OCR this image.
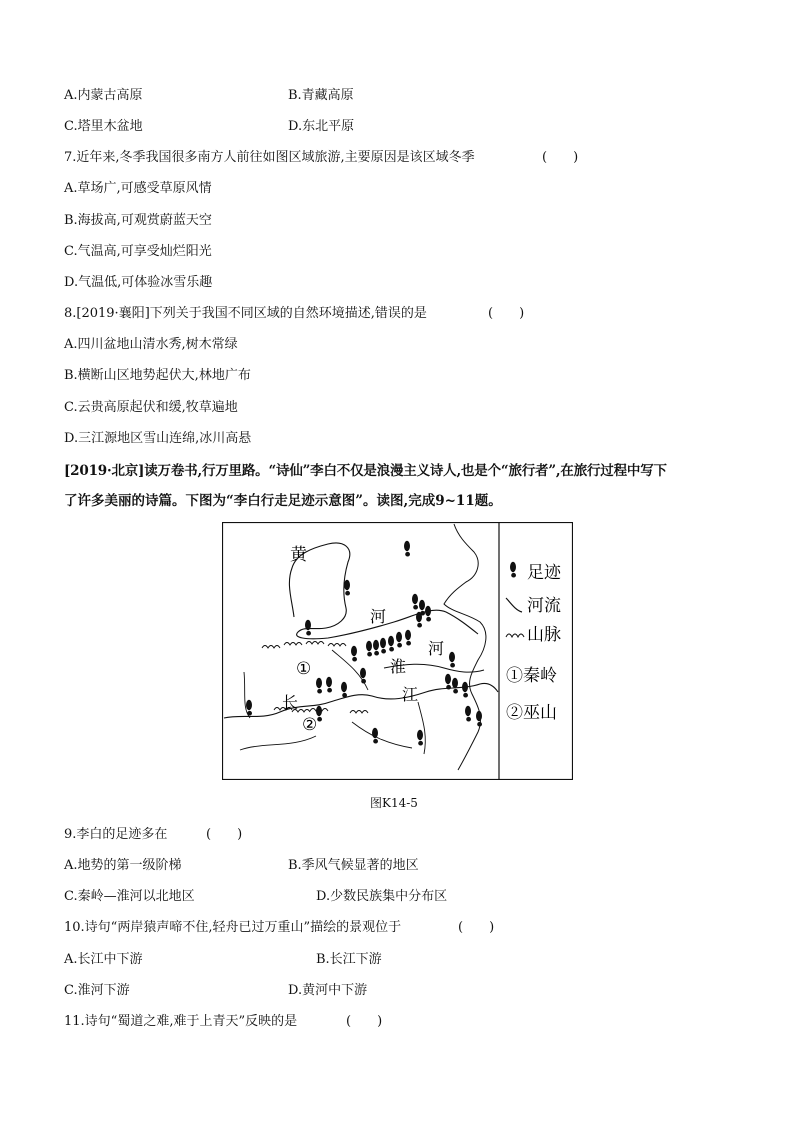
A.内蒙古高原	B.青藏高原
C.塔里木盆地	D.东北平原
7.近年来,冬季我国很多南方人前往如图区域旅游,主要原因是该区域冬季	(　　)
A.草场广,可感受草原风情
B.海拔高,可观赏蔚蓝天空
C.气温高,可享受灿烂阳光
D.气温低,可体验冰雪乐趣
8.[2019·襄阳]下列关于我国不同区域的自然环境描述,错误的是	(　　)
A.四川盆地山清水秀,树木常绿
B.横断山区地势起伏大,林地广布
C.云贵高原起伏和缓,牧草遍地
D.三江源地区雪山连绵,冰川高悬
[2019·北京]读万卷书,行万里路。“诗仙”李白不仅是浪漫主义诗人,也是个“旅行者”,在旅行过程中写下
了许多美丽的诗篇。下图为“李白行走足迹示意图”。读图,完成9~11题。
黄
河
河
淮
长	江
①
②
足迹
河流
山脉
①秦岭
②巫山
图K14-5
9.李白的足迹多在	(　　)
A.地势的第一级阶梯	B.季风气候显著的地区
C.秦岭—淮河以北地区	D.少数民族集中分布区
10.诗句“两岸猿声啼不住,轻舟已过万重山”描绘的景观位于	(　　)
A.长江中下游	B.长江下游
C.淮河下游	D.黄河中下游
11.诗句“蜀道之难,难于上青天”反映的是	(　　)
